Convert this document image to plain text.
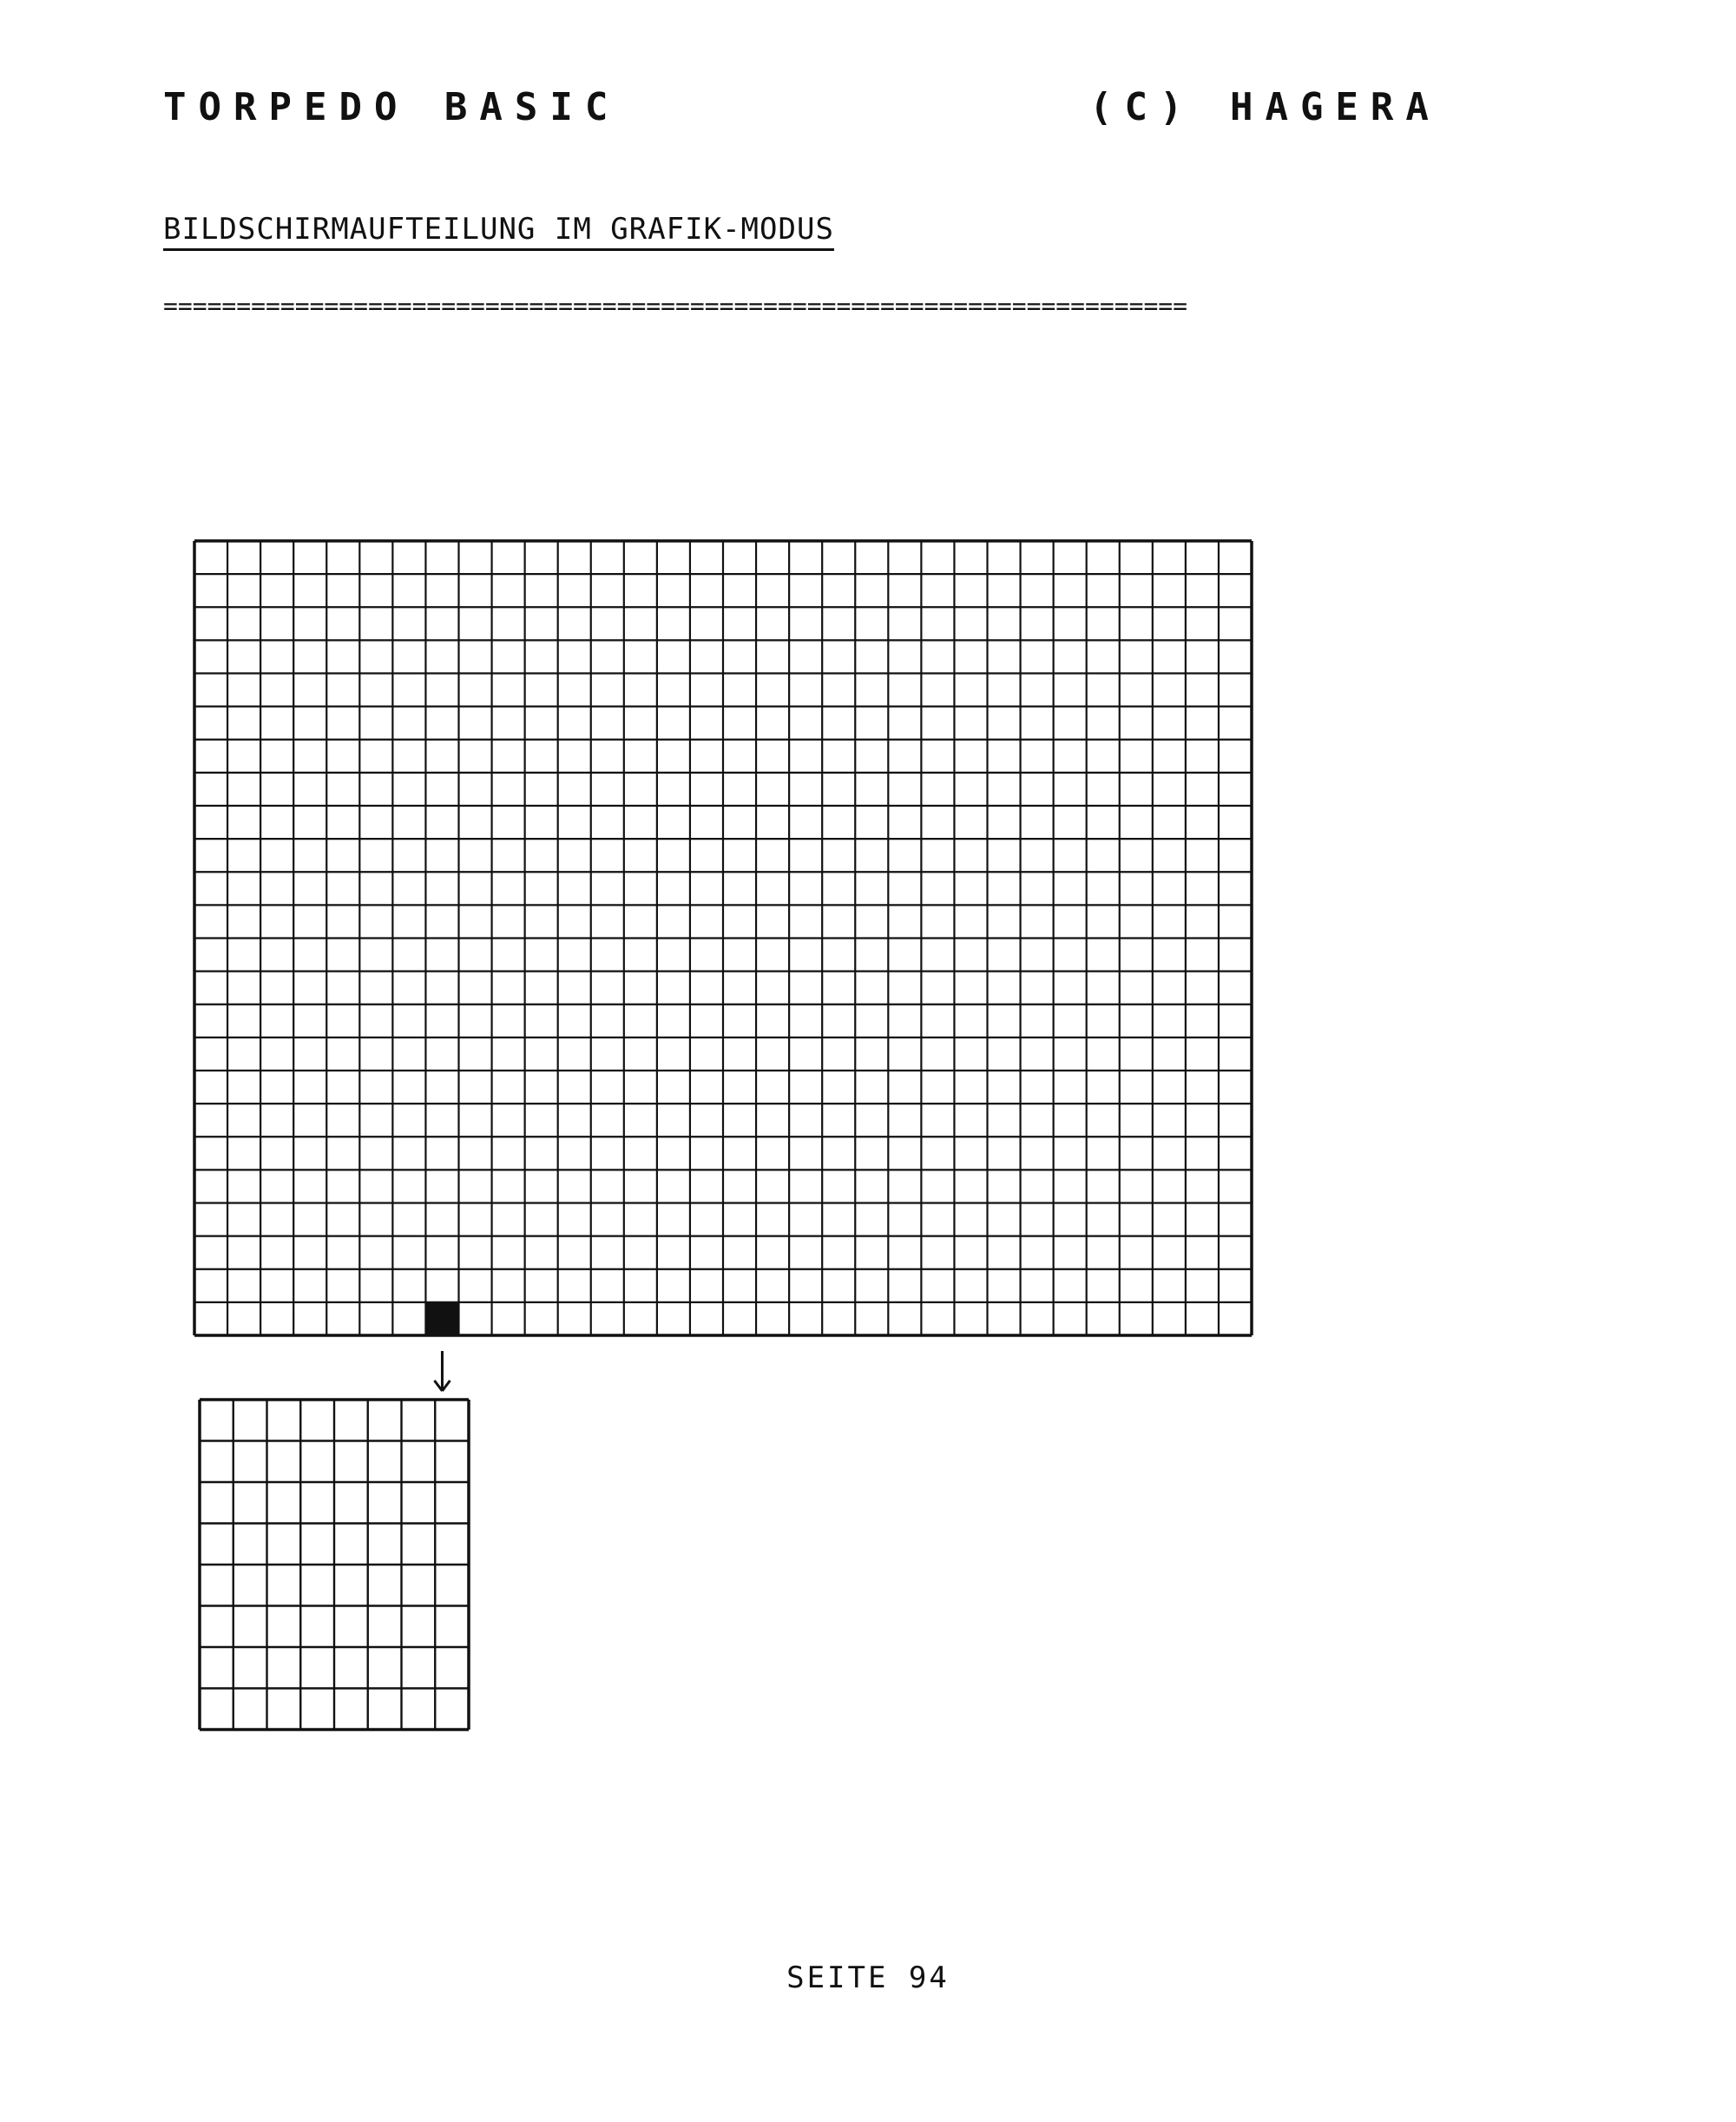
TORPEDO BASIC	(C) HAGERA
BILDSCHIRMAUFTEILUNG IM GRAFIK-MODUS
======================================================================
SEITE 94
